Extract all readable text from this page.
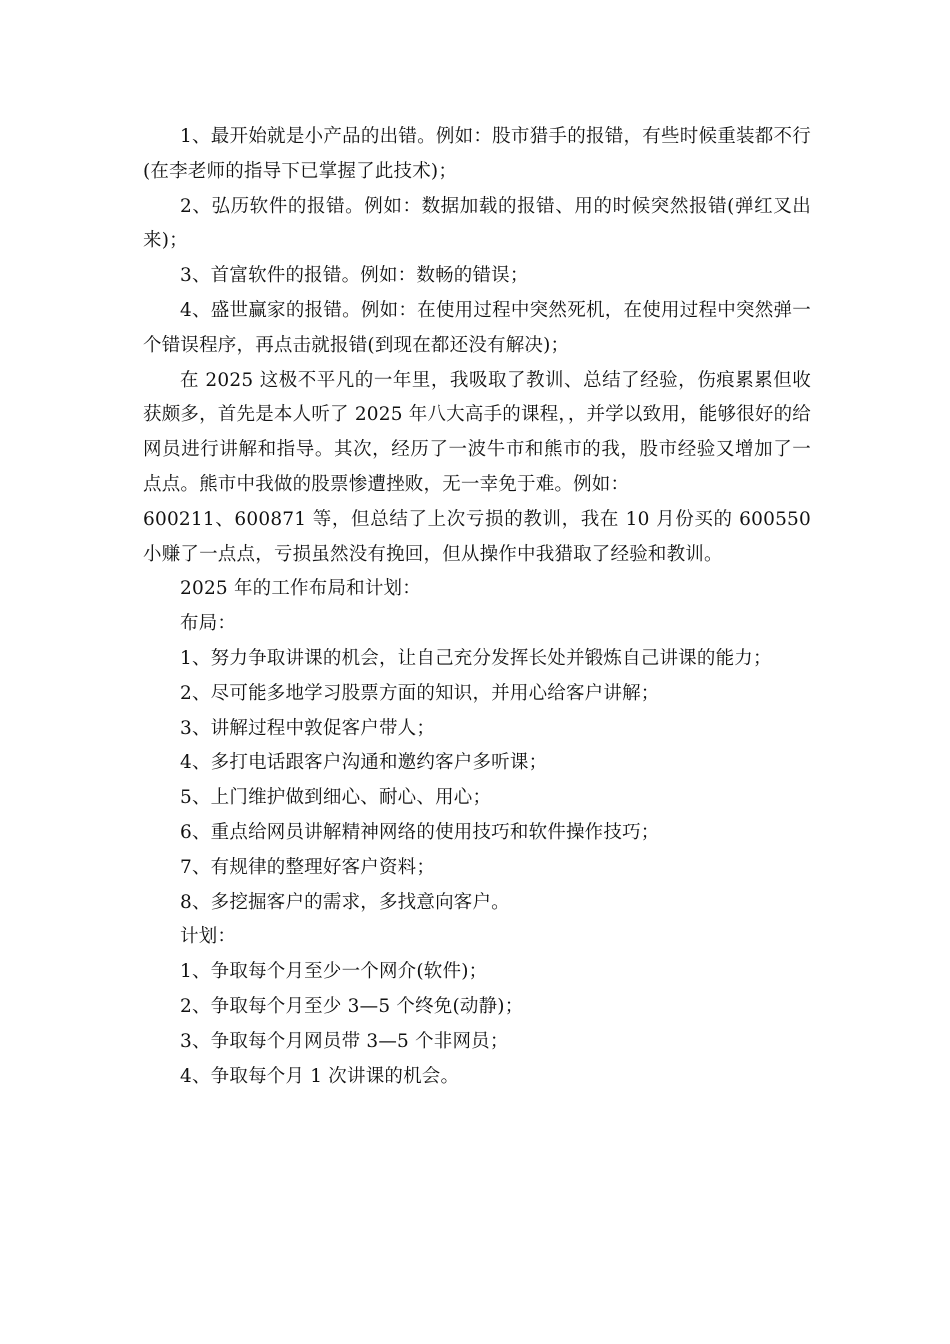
1、最开始就是小产品的出错。例如：股市猎手的报错，有些时候重装都不行(在李老师的指导下已掌握了此技术)；

2、弘历软件的报错。例如：数据加载的报错、用的时候突然报错(弹红叉出来)；

3、首富软件的报错。例如：数畅的错误；

4、盛世赢家的报错。例如：在使用过程中突然死机，在使用过程中突然弹一个错误程序，再点击就报错(到现在都还没有解决)；

在 2025 这极不平凡的一年里，我吸取了教训、总结了经验，伤痕累累但收获颇多，首先是本人听了 2025 年八大高手的课程，，并学以致用，能够很好的给网员进行讲解和指导。其次，经历了一波牛市和熊市的我，股市经验又增加了一点点。熊市中我做的股票惨遭挫败，无一幸免于难。例如：

600211、600871 等，但总结了上次亏损的教训，我在 10 月份买的 600550 小赚了一点点，亏损虽然没有挽回，但从操作中我猎取了经验和教训。

2025 年的工作布局和计划：

布局：

1、努力争取讲课的机会，让自己充分发挥长处并锻炼自己讲课的能力；

2、尽可能多地学习股票方面的知识，并用心给客户讲解；

3、讲解过程中敦促客户带人；

4、多打电话跟客户沟通和邀约客户多听课；

5、上门维护做到细心、耐心、用心；

6、重点给网员讲解精神网络的使用技巧和软件操作技巧；

7、有规律的整理好客户资料；

8、多挖掘客户的需求，多找意向客户。

计划：

1、争取每个月至少一个网介(软件)；

2、争取每个月至少 3—5 个终免(动静)；

3、争取每个月网员带 3—5 个非网员；

4、争取每个月 1 次讲课的机会。
